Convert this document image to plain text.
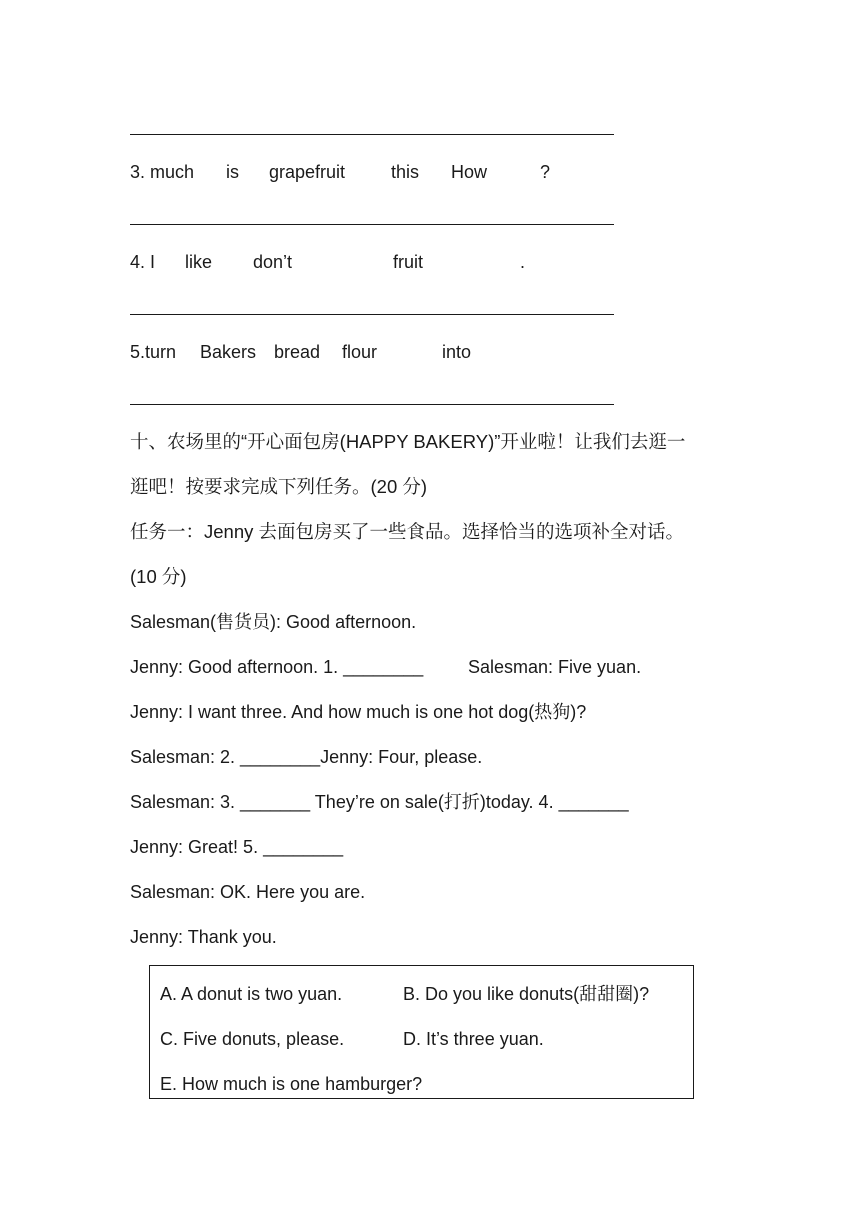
3. much is grapefruit	this How	?
4. I like don’t	fruit	.
5.turn Bakers bread flour	into
十、农场里的“开心面包房(HAPPY BAKERY)”开业啦！让我们去逛一
逛吧！按要求完成下列任务。(20 分)
任务一：Jenny 去面包房买了一些食品。选择恰当的选项补全对话。
(10 分)
Salesman(售货员): Good afternoon.
Jenny: Good afternoon. 1. ________ Salesman: Five yuan.
Jenny: I want three. And how much is one hot dog(热狗)?
Salesman: 2. ________Jenny: Four, please.
Salesman: 3. _______ They’re on sale(打折)today. 4. _______
Jenny: Great! 5. ________
Salesman: OK. Here you are.
Jenny: Thank you.
A. A donut is two yuan.	B. Do you like donuts(甜甜圈)?
C. Five donuts, please.	D. It’s three yuan.
E. How much is one hamburger?
